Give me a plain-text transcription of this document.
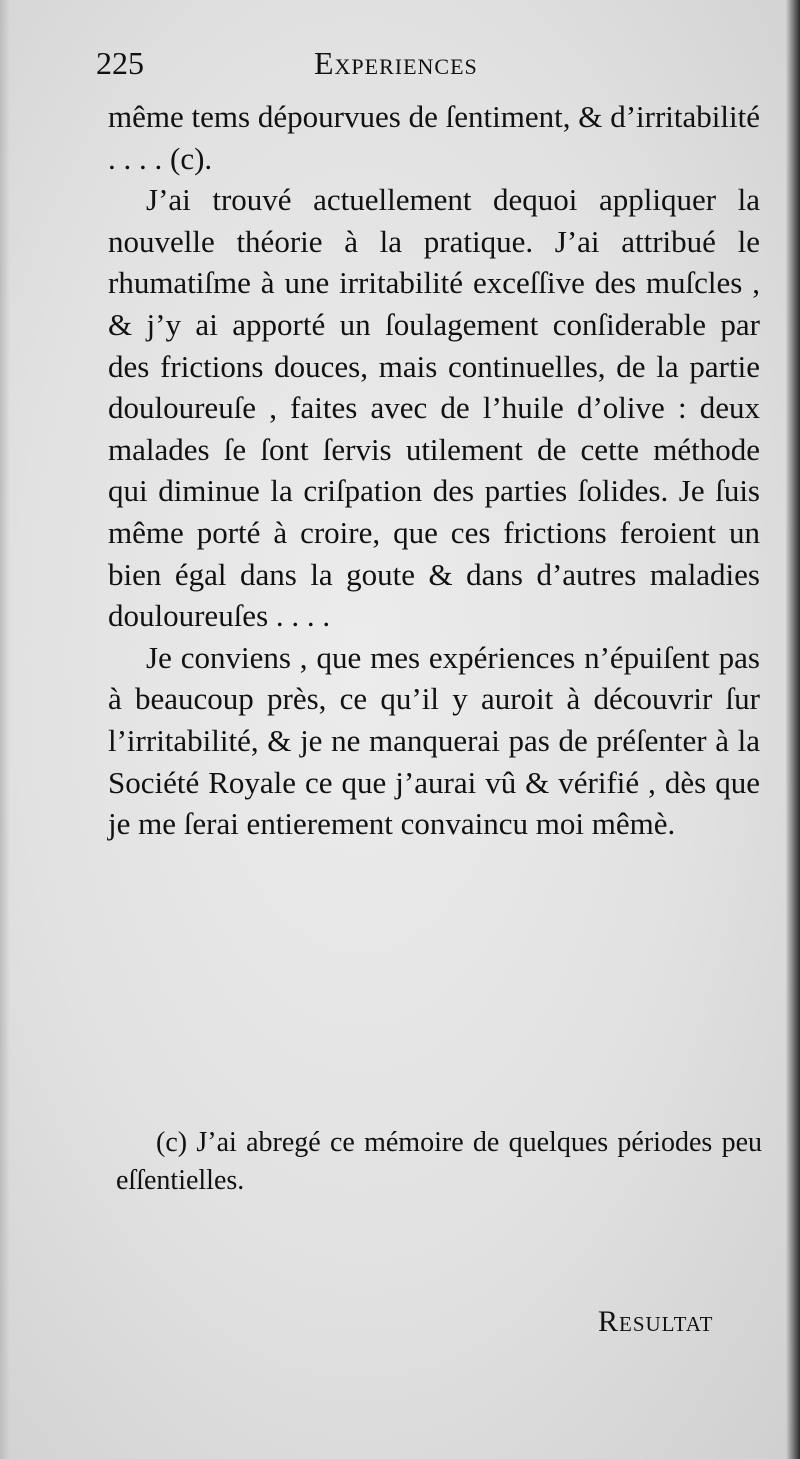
225	Experiences

même tems dépourvues de ſentiment, & d’irritabilité . . . . (c).

J’ai trouvé actuellement dequoi appliquer la nouvelle théorie à la pratique. J’ai attribué le rhumatiſme à une irritabilité exceſſive des muſcles , & j’y ai apporté un ſoulagement conſiderable par des frictions douces, mais continuelles, de la partie douloureuſe , faites avec de l’huile d’olive : deux malades ſe ſont ſervis utilement de cette méthode qui diminue la criſpation des parties ſolides. Je ſuis même porté à croire, que ces frictions feroient un bien égal dans la goute & dans d’autres maladies douloureuſes . . . .

Je conviens , que mes expériences n’épuiſent pas à beaucoup près, ce qu’il y auroit à découvrir ſur l’irritabilité, & je ne manquerai pas de préſenter à la Société Royale ce que j’aurai vû & vérifié , dès que je me ſerai entierement convaincu moi mêmè.

(c) J’ai abregé ce mémoire de quelques périodes peu eſſentielles.

Resultat
